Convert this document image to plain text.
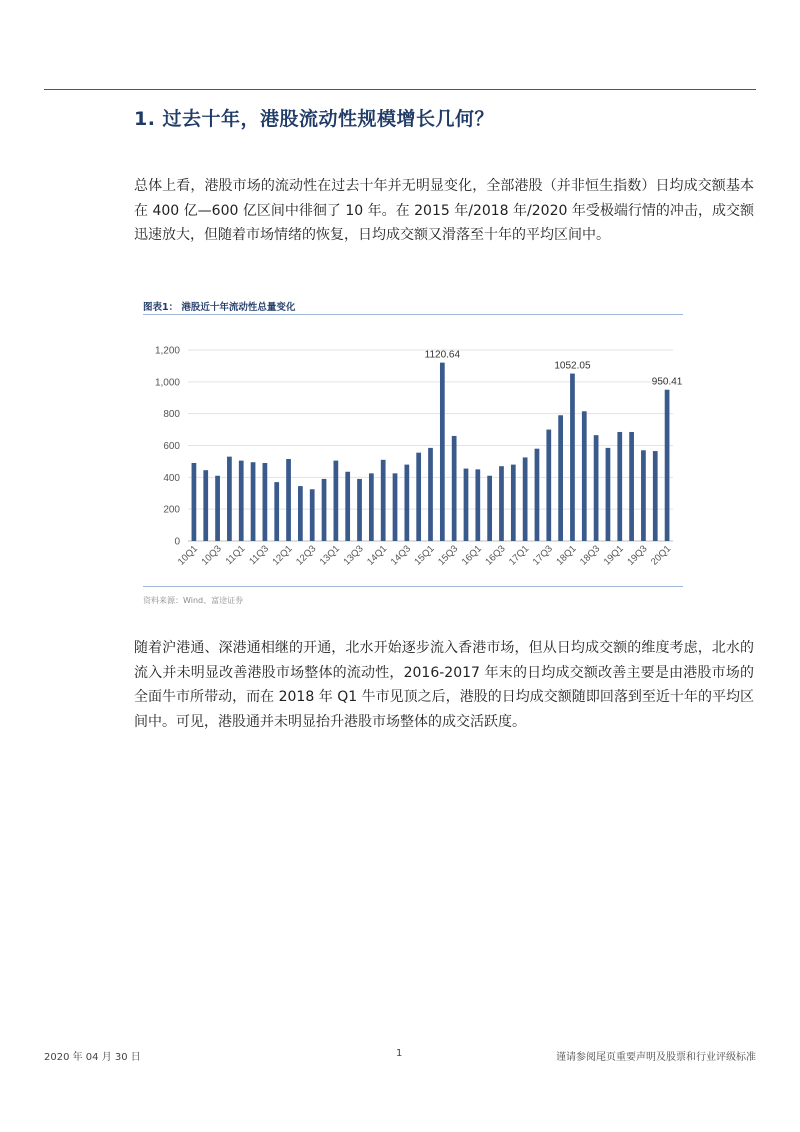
1. 过去十年，港股流动性规模增长几何？
总体上看，港股市场的流动性在过去十年并无明显变化，全部港股（并非恒生指数）日均成交额基本在 400 亿—600 亿区间中徘徊了 10 年。在 2015 年/2018 年/2020 年受极端行情的冲击，成交额迅速放大，但随着市场情绪的恢复，日均成交额又滑落至十年的平均区间中。
图表1： 港股近十年流动性总量变化
0
200
400
600
800
1,000
1,200	1120.64
1052.05
950.41
10Q1 10Q3 11Q1 11Q3 12Q1 12Q3 13Q1 13Q3 14Q1 14Q3 15Q1 15Q3 16Q1 16Q3 17Q1 17Q3 18Q1 18Q3 19Q1 19Q3 20Q1
资料来源：Wind、富途证券
随着沪港通、深港通相继的开通，北水开始逐步流入香港市场，但从日均成交额的维度考虑，北水的流入并未明显改善港股市场整体的流动性，2016-2017 年末的日均成交额改善主要是由港股市场的全面牛市所带动，而在 2018 年 Q1 牛市见顶之后，港股的日均成交额随即回落到至近十年的平均区间中。可见，港股通并未明显抬升港股市场整体的成交活跃度。
2020 年 04 月 30 日	1	谨请参阅尾页重要声明及股票和行业评级标准
